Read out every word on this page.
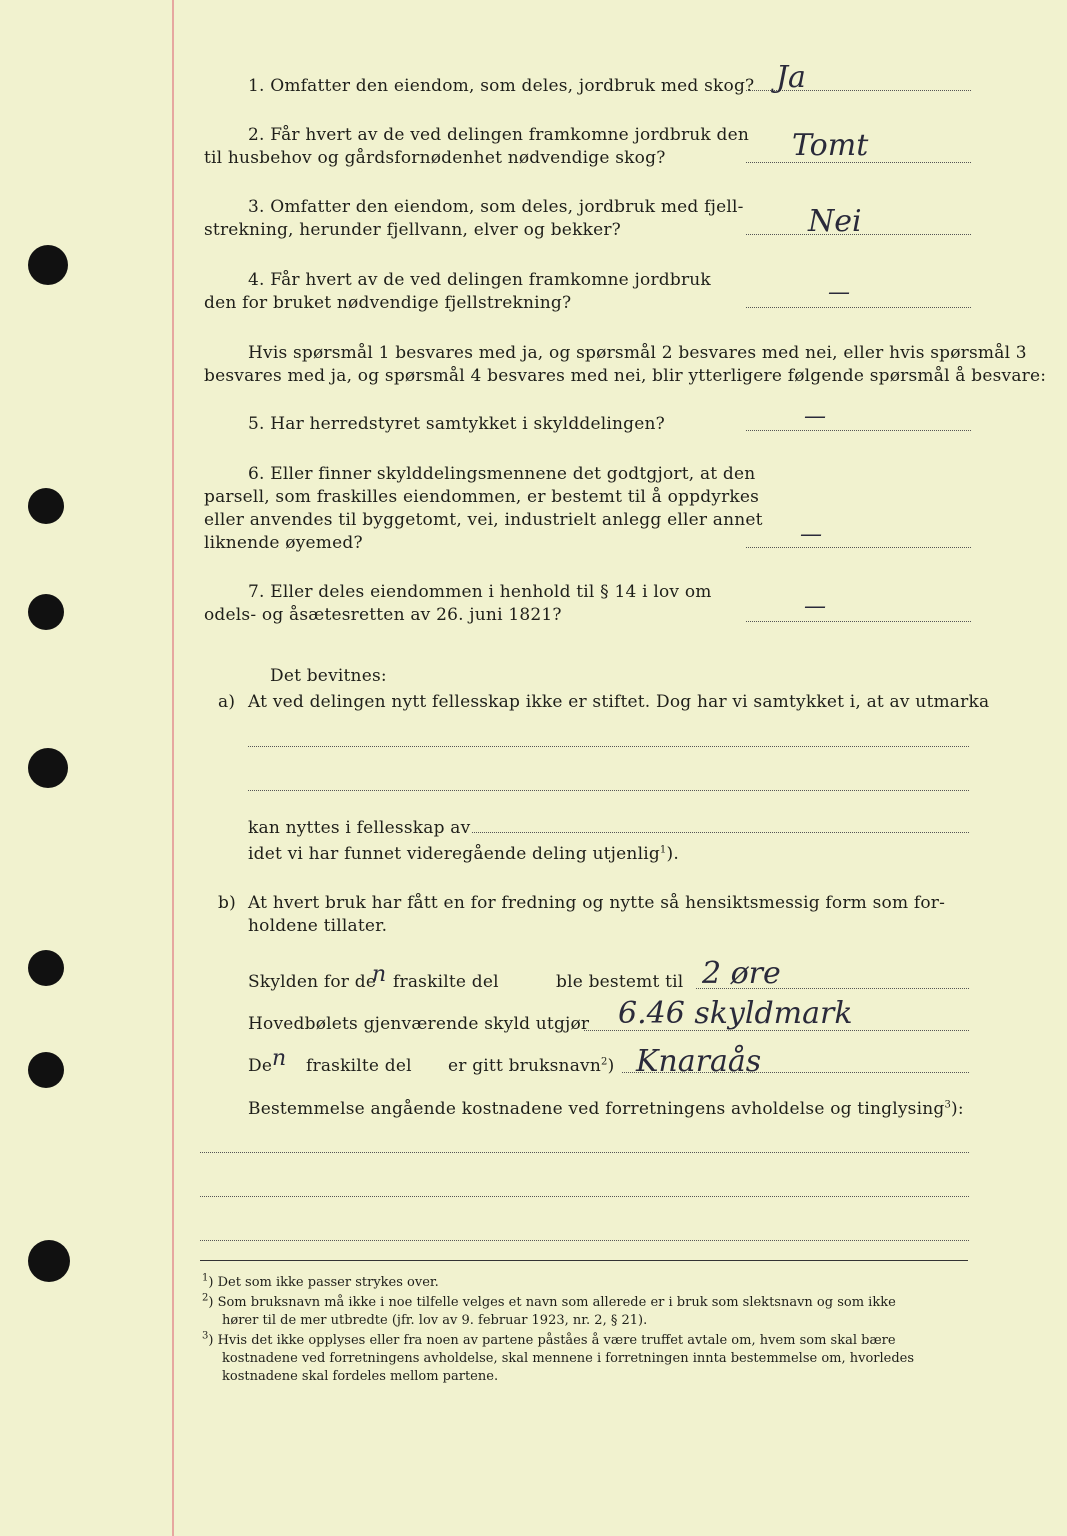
1. Omfatter den eiendom, som deles, jordbruk med skog? Ja
2. Får hvert av de ved delingen framkomne jordbruk den
til husbehov og gårdsfornødenhet nødvendige skog?	Tomt
3. Omfatter den eiendom, som deles, jordbruk med fjell-
strekning, herunder fjellvann, elver og bekker?	Nei
4. Får hvert av de ved delingen framkomne jordbruk
den for bruket nødvendige fjellstrekning?	—
Hvis spørsmål 1 besvares med ja, og spørsmål 2 besvares med nei, eller hvis spørsmål 3
besvares med ja, og spørsmål 4 besvares med nei, blir ytterligere følgende spørsmål å besvare:
5. Har herredstyret samtykket i skylddelingen?	—
6. Eller finner skylddelingsmennene det godtgjort, at den
parsell, som fraskilles eiendommen, er bestemt til å oppdyrkes
eller anvendes til byggetomt, vei, industrielt anlegg eller annet
liknende øyemed?	—
7. Eller deles eiendommen i henhold til § 14 i lov om
odels- og åsætesretten av 26. juni 1821?	—
Det bevitnes:
a) At ved delingen nytt fellesskap ikke er stiftet. Dog har vi samtykket i, at av utmarka
kan nyttes i fellesskap av
idet vi har funnet videregående deling utjenlig$^1$).
b) At hvert bruk har fått en for fredning og nytte så hensiktsmessig form som for-
holdene tillater.
Skylden for de
n fraskilte del	ble bestemt til 2 øre
Hovedbølets gjenværende skyld utgjør 6.46 skyldmark
De n fraskilte del er gitt bruksnavn$^2$) Knaraås
Bestemmelse angående kostnadene ved forretningens avholdelse og tinglysing$^3$):
$^1$) Det som ikke passer strykes over.
$^2$) Som bruksnavn må ikke i noe tilfelle velges et navn som allerede er i bruk som slektsnavn og som ikke
hører til de mer utbredte (jfr. lov av 9. februar 1923, nr. 2, § 21).
$^3$) Hvis det ikke opplyses eller fra noen av partene påståes å være truffet avtale om, hvem som skal bære
kostnadene ved forretningens avholdelse, skal mennene i forretningen innta bestemmelse om, hvorledes
kostnadene skal fordeles mellom partene.
